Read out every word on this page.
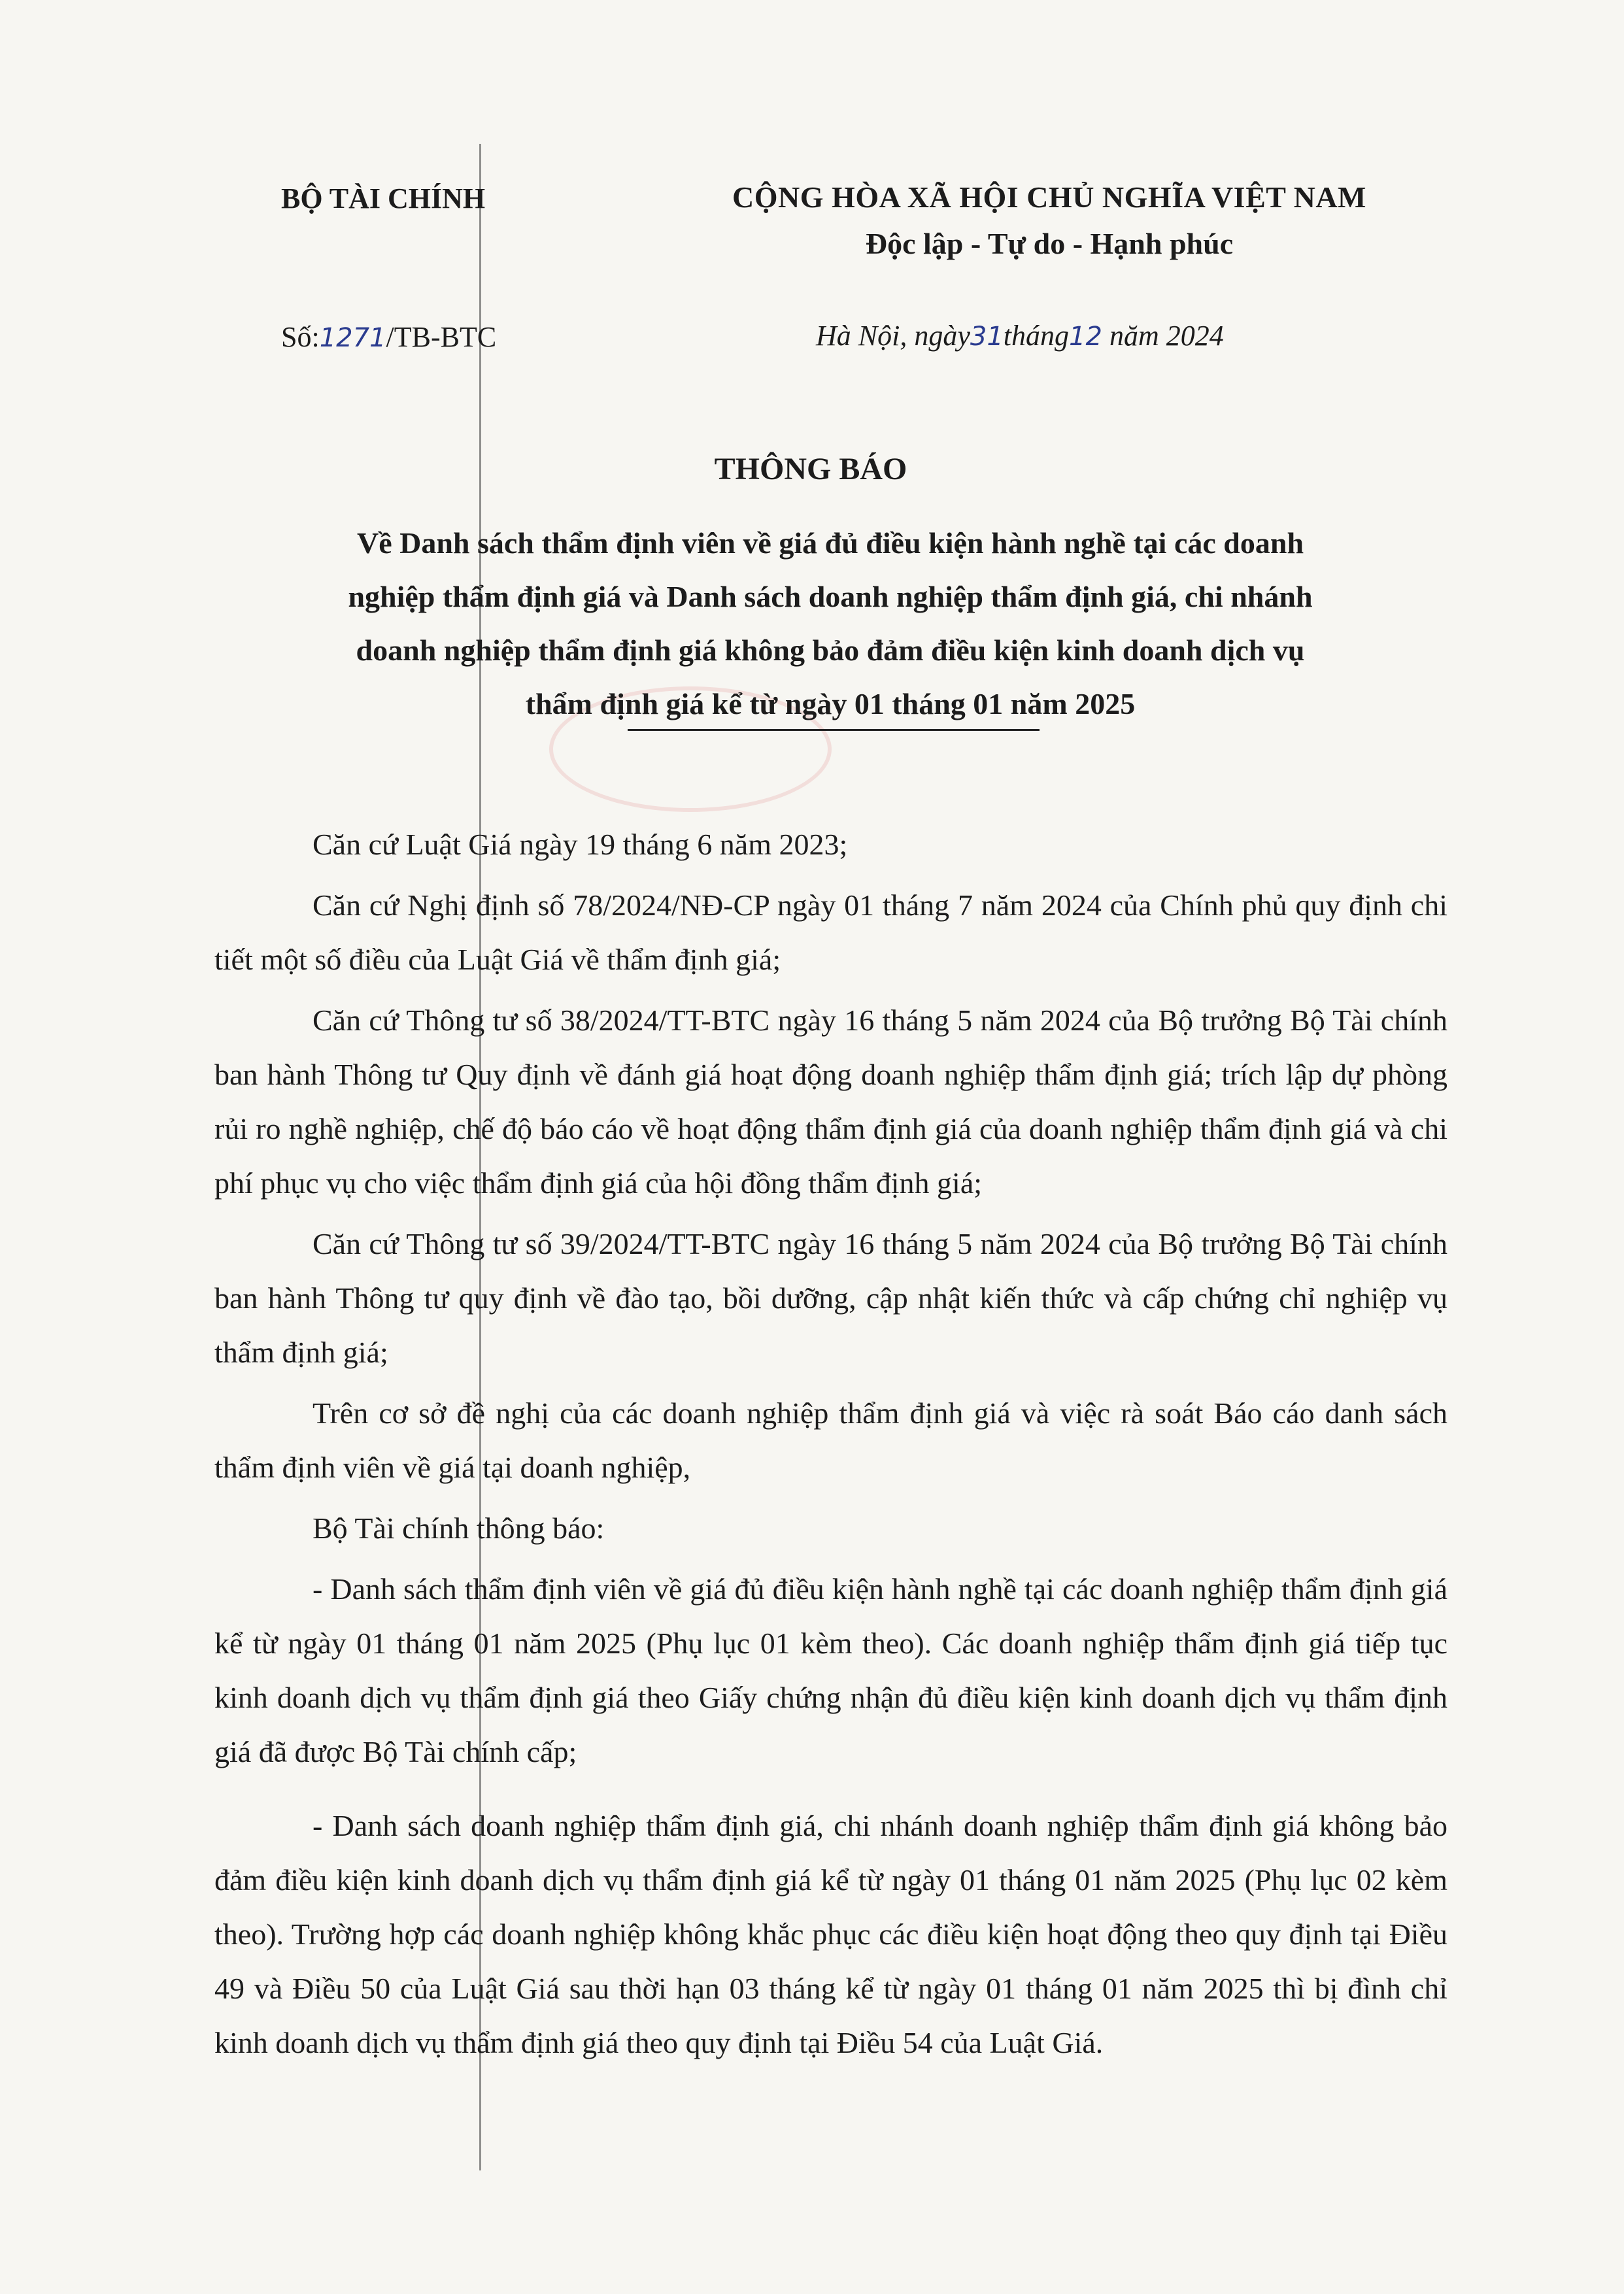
BỘ TÀI CHÍNH	CỘNG HÒA XÃ HỘI CHỦ NGHĨA VIỆT NAM
Độc lập - Tự do - Hạnh phúc
Số:1271/TB-BTC	Hà Nội, ngày31tháng12 năm 2024
THÔNG BÁO
Về Danh sách thẩm định viên về giá đủ điều kiện hành nghề tại các doanh
nghiệp thẩm định giá và Danh sách doanh nghiệp thẩm định giá, chi nhánh
doanh nghiệp thẩm định giá không bảo đảm điều kiện kinh doanh dịch vụ
thẩm định giá kể từ ngày 01 tháng 01 năm 2025

Căn cứ Luật Giá ngày 19 tháng 6 năm 2023;

Căn cứ Nghị định số 78/2024/NĐ-CP ngày 01 tháng 7 năm 2024 của Chính phủ quy định chi tiết một số điều của Luật Giá về thẩm định giá;

Căn cứ Thông tư số 38/2024/TT-BTC ngày 16 tháng 5 năm 2024 của Bộ trưởng Bộ Tài chính ban hành Thông tư Quy định về đánh giá hoạt động doanh nghiệp thẩm định giá; trích lập dự phòng rủi ro nghề nghiệp, chế độ báo cáo về hoạt động thẩm định giá của doanh nghiệp thẩm định giá và chi phí phục vụ cho việc thẩm định giá của hội đồng thẩm định giá;

Căn cứ Thông tư số 39/2024/TT-BTC ngày 16 tháng 5 năm 2024 của Bộ trưởng Bộ Tài chính ban hành Thông tư quy định về đào tạo, bồi dưỡng, cập nhật kiến thức và cấp chứng chỉ nghiệp vụ thẩm định giá;

Trên cơ sở đề nghị của các doanh nghiệp thẩm định giá và việc rà soát Báo cáo danh sách thẩm định viên về giá tại doanh nghiệp,

Bộ Tài chính thông báo:

- Danh sách thẩm định viên về giá đủ điều kiện hành nghề tại các doanh nghiệp thẩm định giá kể từ ngày 01 tháng 01 năm 2025 (Phụ lục 01 kèm theo). Các doanh nghiệp thẩm định giá tiếp tục kinh doanh dịch vụ thẩm định giá theo Giấy chứng nhận đủ điều kiện kinh doanh dịch vụ thẩm định giá đã được Bộ Tài chính cấp;

- Danh sách doanh nghiệp thẩm định giá, chi nhánh doanh nghiệp thẩm định giá không bảo đảm điều kiện kinh doanh dịch vụ thẩm định giá kể từ ngày 01 tháng 01 năm 2025 (Phụ lục 02 kèm theo). Trường hợp các doanh nghiệp không khắc phục các điều kiện hoạt động theo quy định tại Điều 49 và Điều 50 của Luật Giá sau thời hạn 03 tháng kể từ ngày 01 tháng 01 năm 2025 thì bị đình chỉ kinh doanh dịch vụ thẩm định giá theo quy định tại Điều 54 của Luật Giá.
